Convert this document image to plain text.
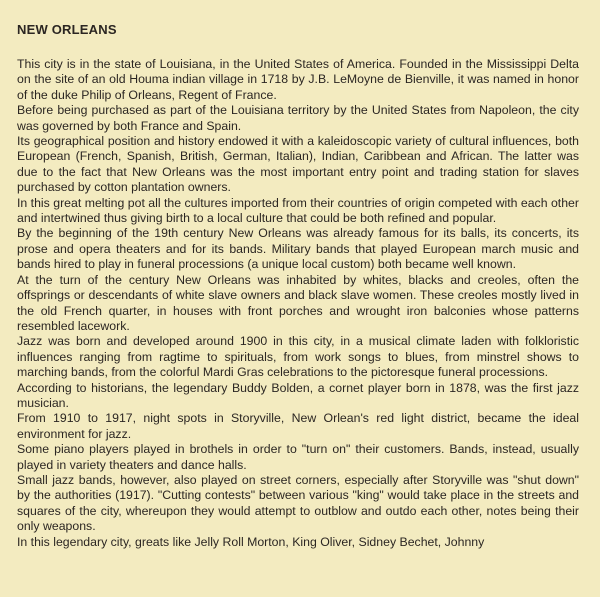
NEW ORLEANS

This city is in the state of Louisiana, in the United States of America. Founded in the Mississippi Delta on the site of an old Houma indian village in 1718 by J.B. LeMoyne de Bienville, it was named in honor of the duke Philip of Orleans, Regent of France.

Before being purchased as part of the Louisiana territory by the United States from Napoleon, the city was governed by both France and Spain.

Its geographical position and history endowed it with a kaleidoscopic variety of cultural influences, both European (French, Spanish, British, German, Italian), Indian, Caribbean and African. The latter was due to the fact that New Orleans was the most important entry point and trading station for slaves purchased by cotton plantation owners.

In this great melting pot all the cultures imported from their countries of origin competed with each other and intertwined thus giving birth to a local culture that could be both refined and popular.

By the beginning of the 19th century New Orleans was already famous for its balls, its concerts, its prose and opera theaters and for its bands. Military bands that played European march music and bands hired to play in funeral processions (a unique local custom) both became well known.

At the turn of the century New Orleans was inhabited by whites, blacks and creoles, often the offsprings or descendants of white slave owners and black slave women. These creoles mostly lived in the old French quarter, in houses with front porches and wrought iron balconies whose patterns resembled lacework.

Jazz was born and developed around 1900 in this city, in a musical climate laden with folkloristic influences ranging from ragtime to spirituals, from work songs to blues, from minstrel shows to marching bands, from the colorful Mardi Gras celebrations to the pictoresque funeral processions.

According to historians, the legendary Buddy Bolden, a cornet player born in 1878, was the first jazz musician.

From 1910 to 1917, night spots in Storyville, New Orlean's red light district, became the ideal environment for jazz.

Some piano players played in brothels in order to "turn on" their customers. Bands, instead, usually played in variety theaters and dance halls.

Small jazz bands, however, also played on street corners, especially after Storyville was "shut down" by the authorities (1917). "Cutting contests" between various "king" would take place in the streets and squares of the city, whereupon they would attempt to outblow and outdo each other, notes being their only weapons.

In this legendary city, greats like Jelly Roll Morton, King Oliver, Sidney Bechet, Johnny
